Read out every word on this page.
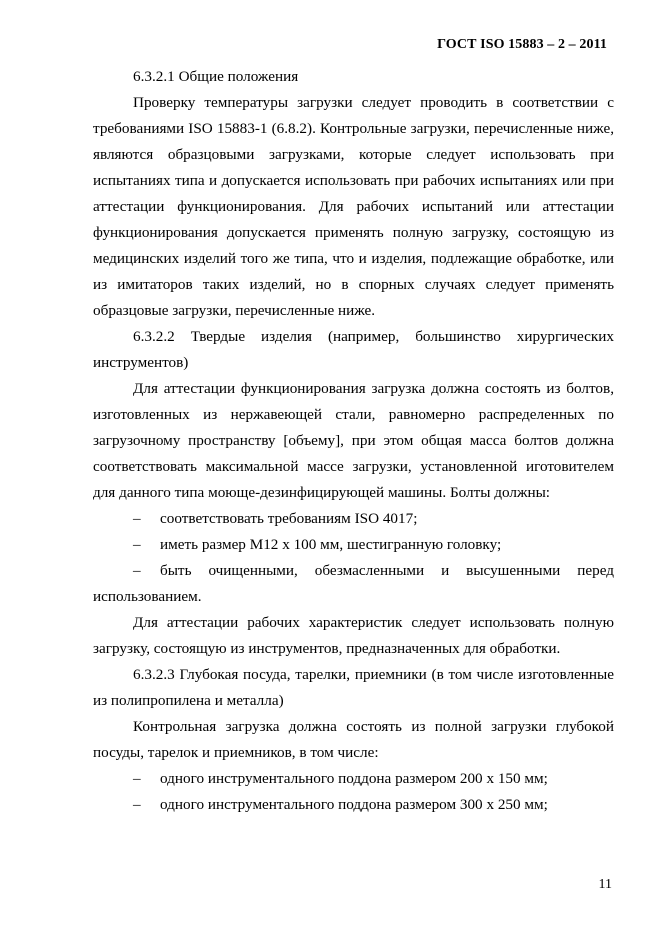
ГОСТ ISO 15883 – 2 – 2011

6.3.2.1 Общие положения

Проверку температуры загрузки следует проводить в соответствии с требованиями ISO 15883-1 (6.8.2). Контрольные загрузки, перечисленные ниже, являются образцовыми загрузками, которые следует использовать при испытаниях типа и допускается использовать при рабочих испытаниях или при аттестации функционирования. Для рабочих испытаний или аттестации функционирования допускается применять полную загрузку, состоящую из медицинских изделий того же типа, что и изделия, подлежащие обработке, или из имитаторов таких изделий, но в спорных случаях следует применять образцовые загрузки, перечисленные ниже.

6.3.2.2 Твердые изделия (например, большинство хирургических инструментов)

Для аттестации функционирования загрузка должна состоять из болтов, изготовленных из нержавеющей стали, равномерно распределенных по загрузочному пространству [объему], при этом общая масса болтов должна соответствовать максимальной массе загрузки, установленной иготовителем для данного типа моюще-дезинфицирующей машины. Болты должны:

– соответствовать требованиям ISO 4017;

– иметь размер М12 х 100 мм, шестигранную головку;

– быть очищенными, обезмасленными и высушенными перед использованием.

Для аттестации рабочих характеристик следует использовать полную загрузку, состоящую из инструментов, предназначенных для обработки.

6.3.2.3 Глубокая посуда, тарелки, приемники (в том числе изготовленные из полипропилена и металла)

Контрольная загрузка должна состоять из полной загрузки глубокой посуды, тарелок и приемников, в том числе:

– одного инструментального поддона размером 200 х 150 мм;

– одного инструментального поддона размером 300 х 250 мм;

11
